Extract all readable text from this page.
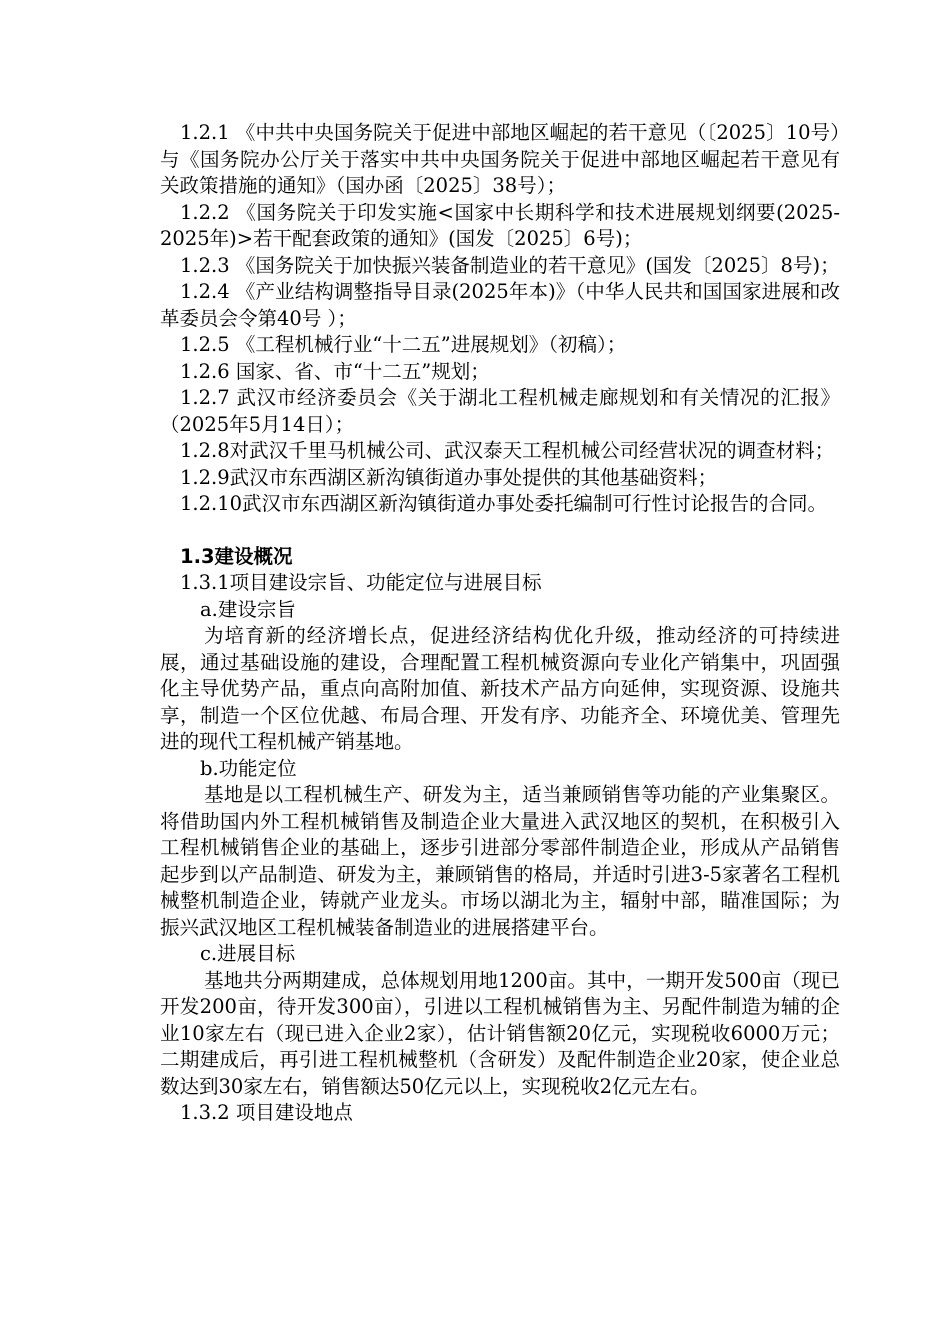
1.2.1 《中共中央国务院关于促进中部地区崛起的若干意见（〔2025〕10号）与《国务院办公厅关于落实中共中央国务院关于促进中部地区崛起若干意见有关政策措施的通知》（国办函〔2025〕38号）；

1.2.2 《国务院关于印发实施<国家中长期科学和技术进展规划纲要(2025-2025年)>若干配套政策的通知》(国发〔2025〕6号)；

1.2.3 《国务院关于加快振兴装备制造业的若干意见》(国发〔2025〕8号)；

1.2.4 《产业结构调整指导目录(2025年本)》（中华人民共和国国家进展和改革委员会令第40号 ）；

1.2.5 《工程机械行业“十二五”进展规划》（初稿）；

1.2.6 国家、省、市“十二五”规划；

1.2.7 武汉市经济委员会《关于湖北工程机械走廊规划和有关情况的汇报》（2025年5月14日）；

1.2.8对武汉千里马机械公司、武汉泰天工程机械公司经营状况的调查材料；

1.2.9武汉市东西湖区新沟镇街道办事处提供的其他基础资料；

1.2.10武汉市东西湖区新沟镇街道办事处委托编制可行性讨论报告的合同。

1.3建设概况

1.3.1项目建设宗旨、功能定位与进展目标

a.建设宗旨

为培育新的经济增长点，促进经济结构优化升级，推动经济的可持续进展，通过基础设施的建设，合理配置工程机械资源向专业化产销集中，巩固强化主导优势产品，重点向高附加值、新技术产品方向延伸，实现资源、设施共享，制造一个区位优越、布局合理、开发有序、功能齐全、环境优美、管理先进的现代工程机械产销基地。

b.功能定位

基地是以工程机械生产、研发为主，适当兼顾销售等功能的产业集聚区。将借助国内外工程机械销售及制造企业大量进入武汉地区的契机，在积极引入工程机械销售企业的基础上，逐步引进部分零部件制造企业，形成从产品销售起步到以产品制造、研发为主，兼顾销售的格局，并适时引进3-5家著名工程机械整机制造企业，铸就产业龙头。市场以湖北为主，辐射中部，瞄准国际；为振兴武汉地区工程机械装备制造业的进展搭建平台。

c.进展目标

基地共分两期建成，总体规划用地1200亩。其中，一期开发500亩（现已开发200亩，待开发300亩），引进以工程机械销售为主、另配件制造为辅的企业10家左右（现已进入企业2家），估计销售额20亿元，实现税收6000万元；二期建成后，再引进工程机械整机（含研发）及配件制造企业20家，使企业总数达到30家左右，销售额达50亿元以上，实现税收2亿元左右。

1.3.2 项目建设地点
